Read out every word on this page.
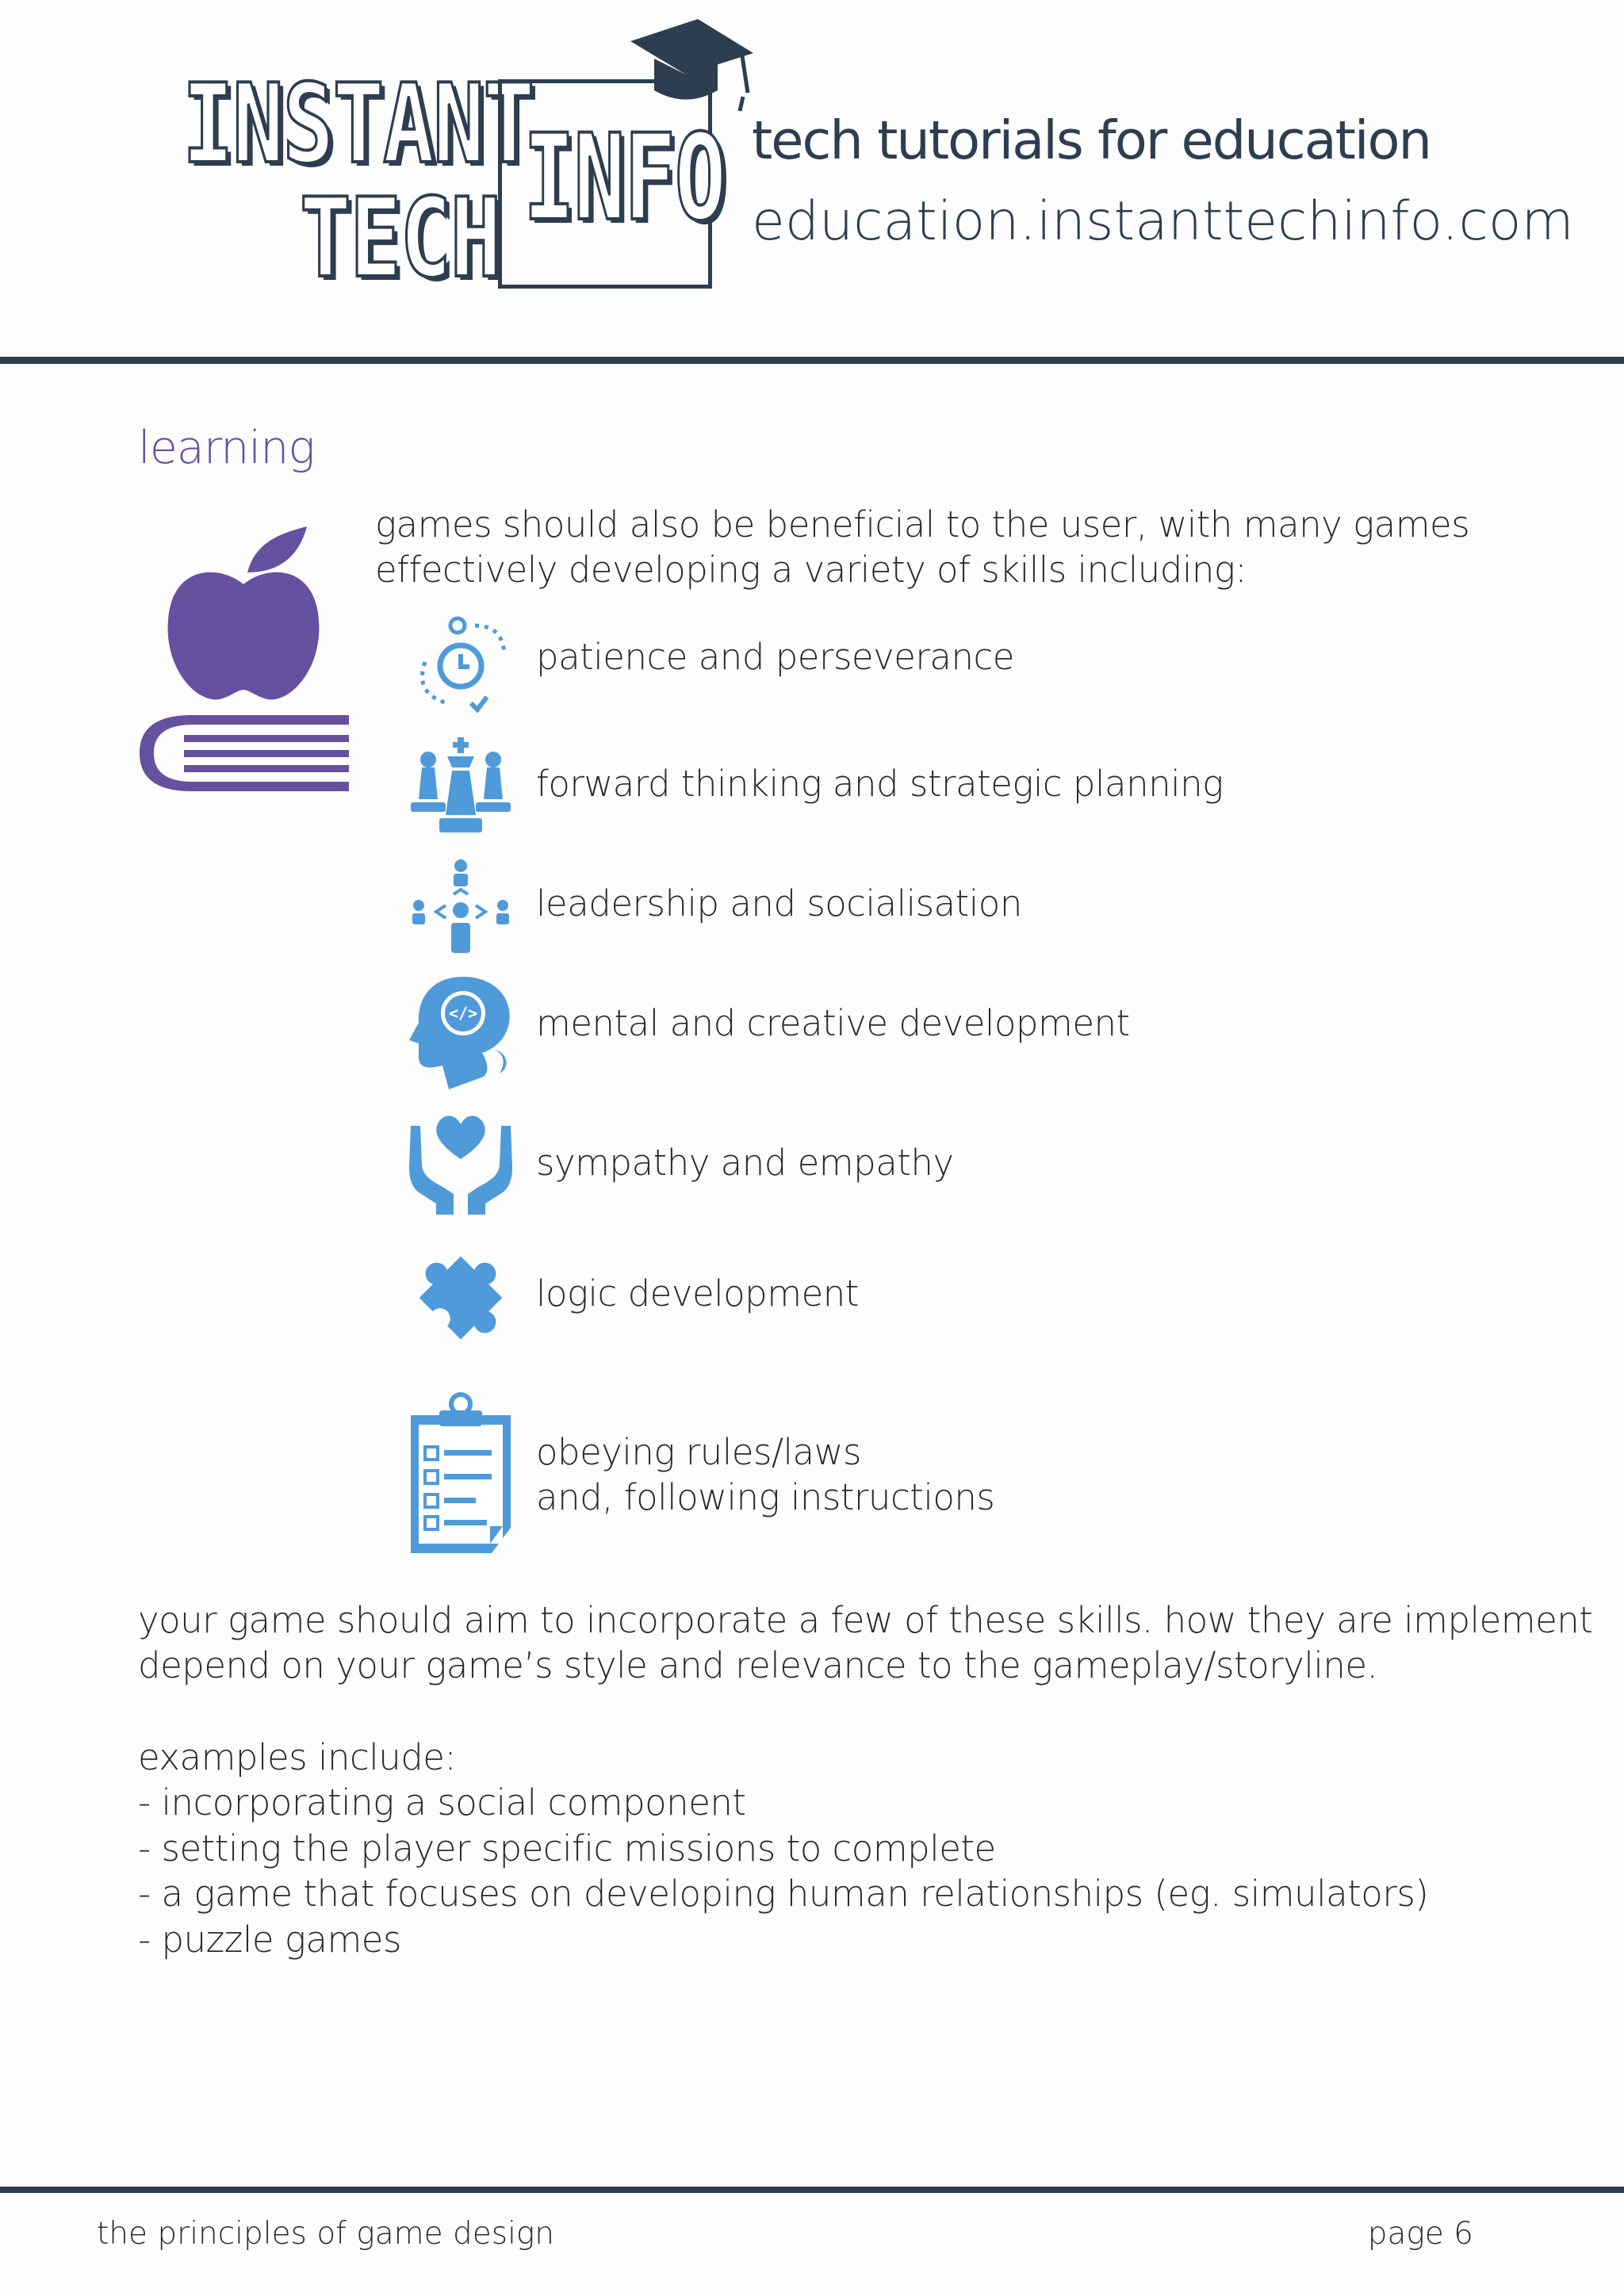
INSTANT
TECH INFO tech tutorials for education
education.instanttechinfo.com
learning
games should also be beneficial to the user, with many games
effectively developing a variety of skills including:
patience and perseverance
forward thinking and strategic planning
leadership and socialisation
</> mental and creative development
sympathy and empathy
logic development
obeying rules/laws
and, following instructions
your game should aim to incorporate a few of these skills. how they are implement
depend on your game’s style and relevance to the gameplay/storyline.
examples include:
- incorporating a social component
- setting the player specific missions to complete
- a game that focuses on developing human relationships (eg. simulators)
- puzzle games
the principles of game design	page 6
